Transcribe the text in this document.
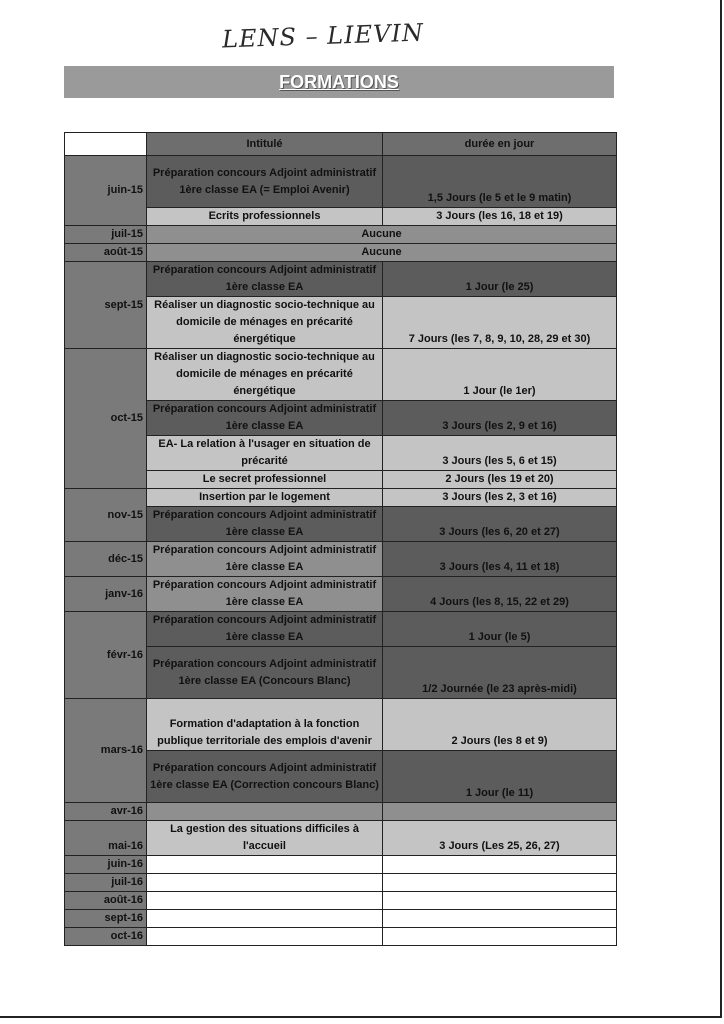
LENS – LIEVIN
FORMATIONS
	Intitulé	durée en jour
juin-15	Préparation concours Adjoint administratif 1ère classe EA (= Emploi Avenir)	1,5 Jours (le 5 et le 9 matin)
	Ecrits professionnels	3 Jours (les 16, 18 et 19)
juil-15	Aucune	
août-15	Aucune	
sept-15	Préparation concours Adjoint administratif 1ère classe EA	1 Jour (le 25)
	Réaliser un diagnostic socio-technique au domicile de ménages en précarité énergétique	7 Jours (les 7, 8, 9, 10, 28, 29 et 30)
oct-15	Réaliser un diagnostic socio-technique au domicile de ménages en précarité énergétique	1 Jour (le 1er)
	Préparation concours Adjoint administratif 1ère classe EA	3 Jours (les 2, 9 et 16)
	EA- La relation à l'usager en situation de précarité	3 Jours (les 5, 6 et 15)
	Le secret professionnel	2 Jours (les 19 et 20)
nov-15	Insertion par le logement	3 Jours (les 2, 3 et 16)
	Préparation concours Adjoint administratif 1ère classe EA	3 Jours (les 6, 20 et 27)
déc-15	Préparation concours Adjoint administratif 1ère classe EA	3 Jours (les 4, 11 et 18)
janv-16	Préparation concours Adjoint administratif 1ère classe EA	4 Jours (les 8, 15, 22 et 29)
févr-16	Préparation concours Adjoint administratif 1ère classe EA	1 Jour (le 5)
	Préparation concours Adjoint administratif 1ère classe EA (Concours Blanc)	1/2 Journée (le 23 après-midi)
mars-16	Formation d'adaptation à la fonction publique territoriale des emplois d'avenir	2 Jours (les 8 et 9)
	Préparation concours Adjoint administratif 1ère classe EA (Correction concours Blanc)	1 Jour (le 11)
avr-16		
mai-16	La gestion des situations difficiles à l'accueil	3 Jours (Les 25, 26, 27)
juin-16		
juil-16		
août-16		
sept-16		
oct-16		
